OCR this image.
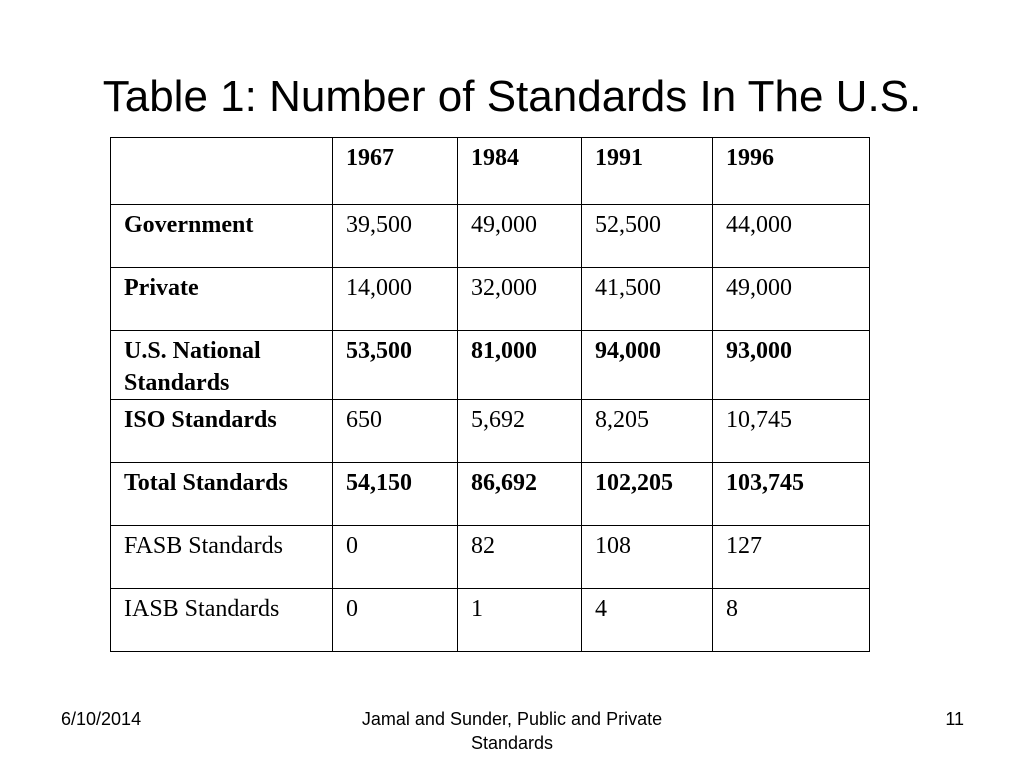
Table 1: Number of Standards In The U.S.
	1967	1984	1991	1996
Government	39,500	49,000	52,500	44,000
Private	14,000	32,000	41,500	49,000
U.S. National Standards	53,500	81,000	94,000	93,000
ISO Standards	650	5,692	8,205	10,745
Total Standards	54,150	86,692	102,205	103,745
FASB Standards	0	82	108	127
IASB Standards	0	1	4	8
6/10/2014	Jamal and Sunder, Public and Private Standards
11
